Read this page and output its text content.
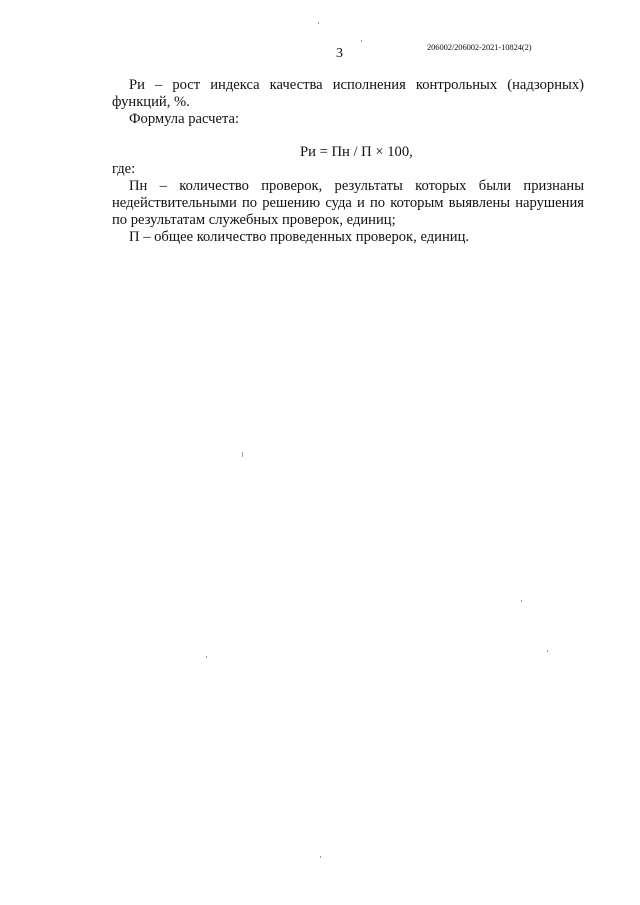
3	206002/206002-2021-10824(2)

Ри – рост индекса качества исполнения контрольных (надзорных)

функций, %.

Формула расчета:

Ри = Пн / П × 100,

где:

Пн – количество проверок, результаты которых были признаны

недействительными по решению суда и по которым выявлены нарушения

по результатам служебных проверок, единиц;

П – общее количество проведенных проверок, единиц.
